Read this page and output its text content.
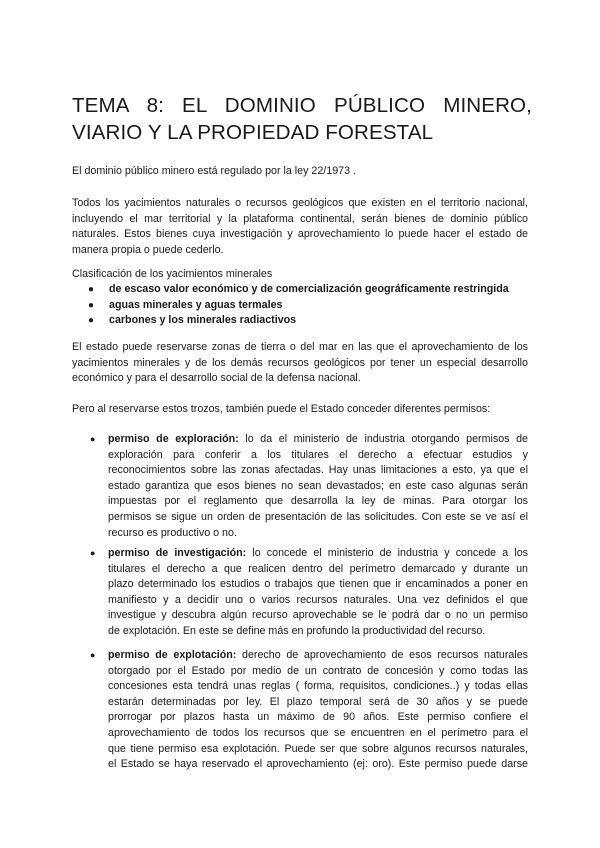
TEMA 8: EL DOMINIO PÚBLICO MINERO,
VIARIO Y LA PROPIEDAD FORESTAL

El dominio público minero está regulado por la ley 22/1973 .

Todos los yacimientos naturales o recursos geológicos que existen en el territorio nacional,
incluyendo el mar territorial y la plataforma continental, serán bienes de dominio público
naturales. Estos bienes cuya investigación y aprovechamiento lo puede hacer el estado de
manera propia o puede cederlo.

Clasificación de los yacimientos minerales

● de escaso valor económico y de comercialización geográficamente restringida
● aguas minerales y aguas termales
● carbones y los minerales radiactivos

El estado puede reservarse zonas de tierra o del mar en las que el aprovechamiento de los
yacimientos minerales y de los demás recursos geológicos por tener un especial desarrollo
económico y para el desarrollo social de la defensa nacional.

Pero al reservarse estos trozos, también puede el Estado conceder diferentes permisos:

● permiso de exploración: lo da el ministerio de industria otorgando permisos de
exploración para conferir a los titulares el derecho a efectuar estudios y
reconocimientos sobre las zonas afectadas. Hay unas limitaciones a esto, ya que el
estado garantiza que esos bienes no sean devastados; en este caso algunas serán
impuestas por el reglamento que desarrolla la ley de minas. Para otorgar los
permisos se sigue un orden de presentación de las solicitudes. Con este se ve así el
recurso es productivo o no.
● permiso de investigación: lo concede el ministerio de industria y concede a los
titulares el derecho a que realicen dentro del perímetro demarcado y durante un
plazo determinado los estudios o trabajos que tienen que ir encaminados a poner en
manifiesto y a decidir uno o varios recursos naturales. Una vez definidos el que
investigue y descubra algún recurso aprovechable se le podrá dar o no un permiso
de explotación. En este se define más en profundo la productividad del recurso.
● permiso de explotación: derecho de aprovechamiento de esos recursos naturales
otorgado por el Estado por medio de un contrato de concesión y como todas las
concesiones esta tendrá unas reglas ( forma, requisitos, condiciones..) y todas ellas
estarán determinadas por ley. El plazo temporal será de 30 años y se puede
prorrogar por plazos hasta un máximo de 90 años. Este permiso confiere el
aprovechamiento de todos los recursos que se encuentren en el perímetro para el
que tiene permiso esa explotación. Puede ser que sobre algunos recursos naturales,
el Estado se haya reservado el aprovechamiento (ej: oro). Este permiso puede darse
